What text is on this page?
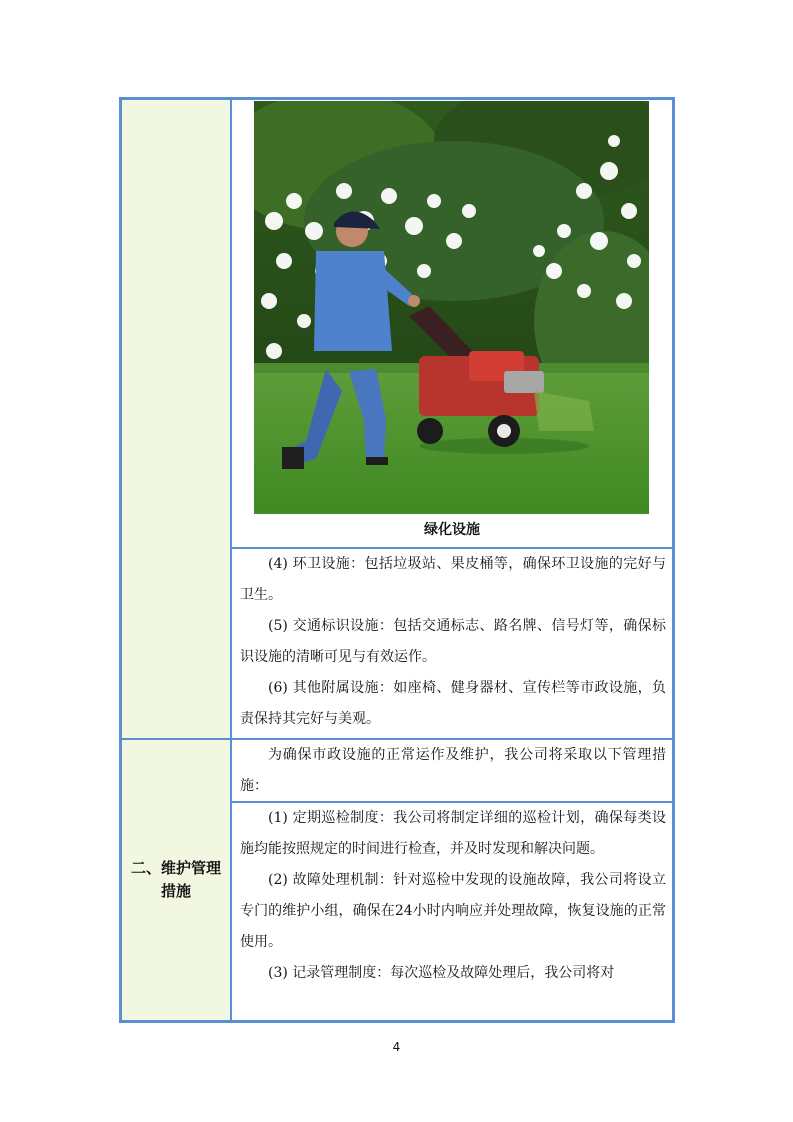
二、维护管理措施
绿化设施

(4) 环卫设施：包括垃圾站、果皮桶等，确保环卫设施的完好与卫生。

(5) 交通标识设施：包括交通标志、路名牌、信号灯等，确保标识设施的清晰可见与有效运作。

(6) 其他附属设施：如座椅、健身器材、宣传栏等市政设施，负责保持其完好与美观。

为确保市政设施的正常运作及维护，我公司将采取以下管理措施：

(1) 定期巡检制度：我公司将制定详细的巡检计划，确保每类设施均能按照规定的时间进行检查，并及时发现和解决问题。

(2) 故障处理机制：针对巡检中发现的设施故障，我公司将设立专门的维护小组，确保在24小时内响应并处理故障，恢复设施的正常使用。

(3) 记录管理制度：每次巡检及故障处理后，我公司将对

4
